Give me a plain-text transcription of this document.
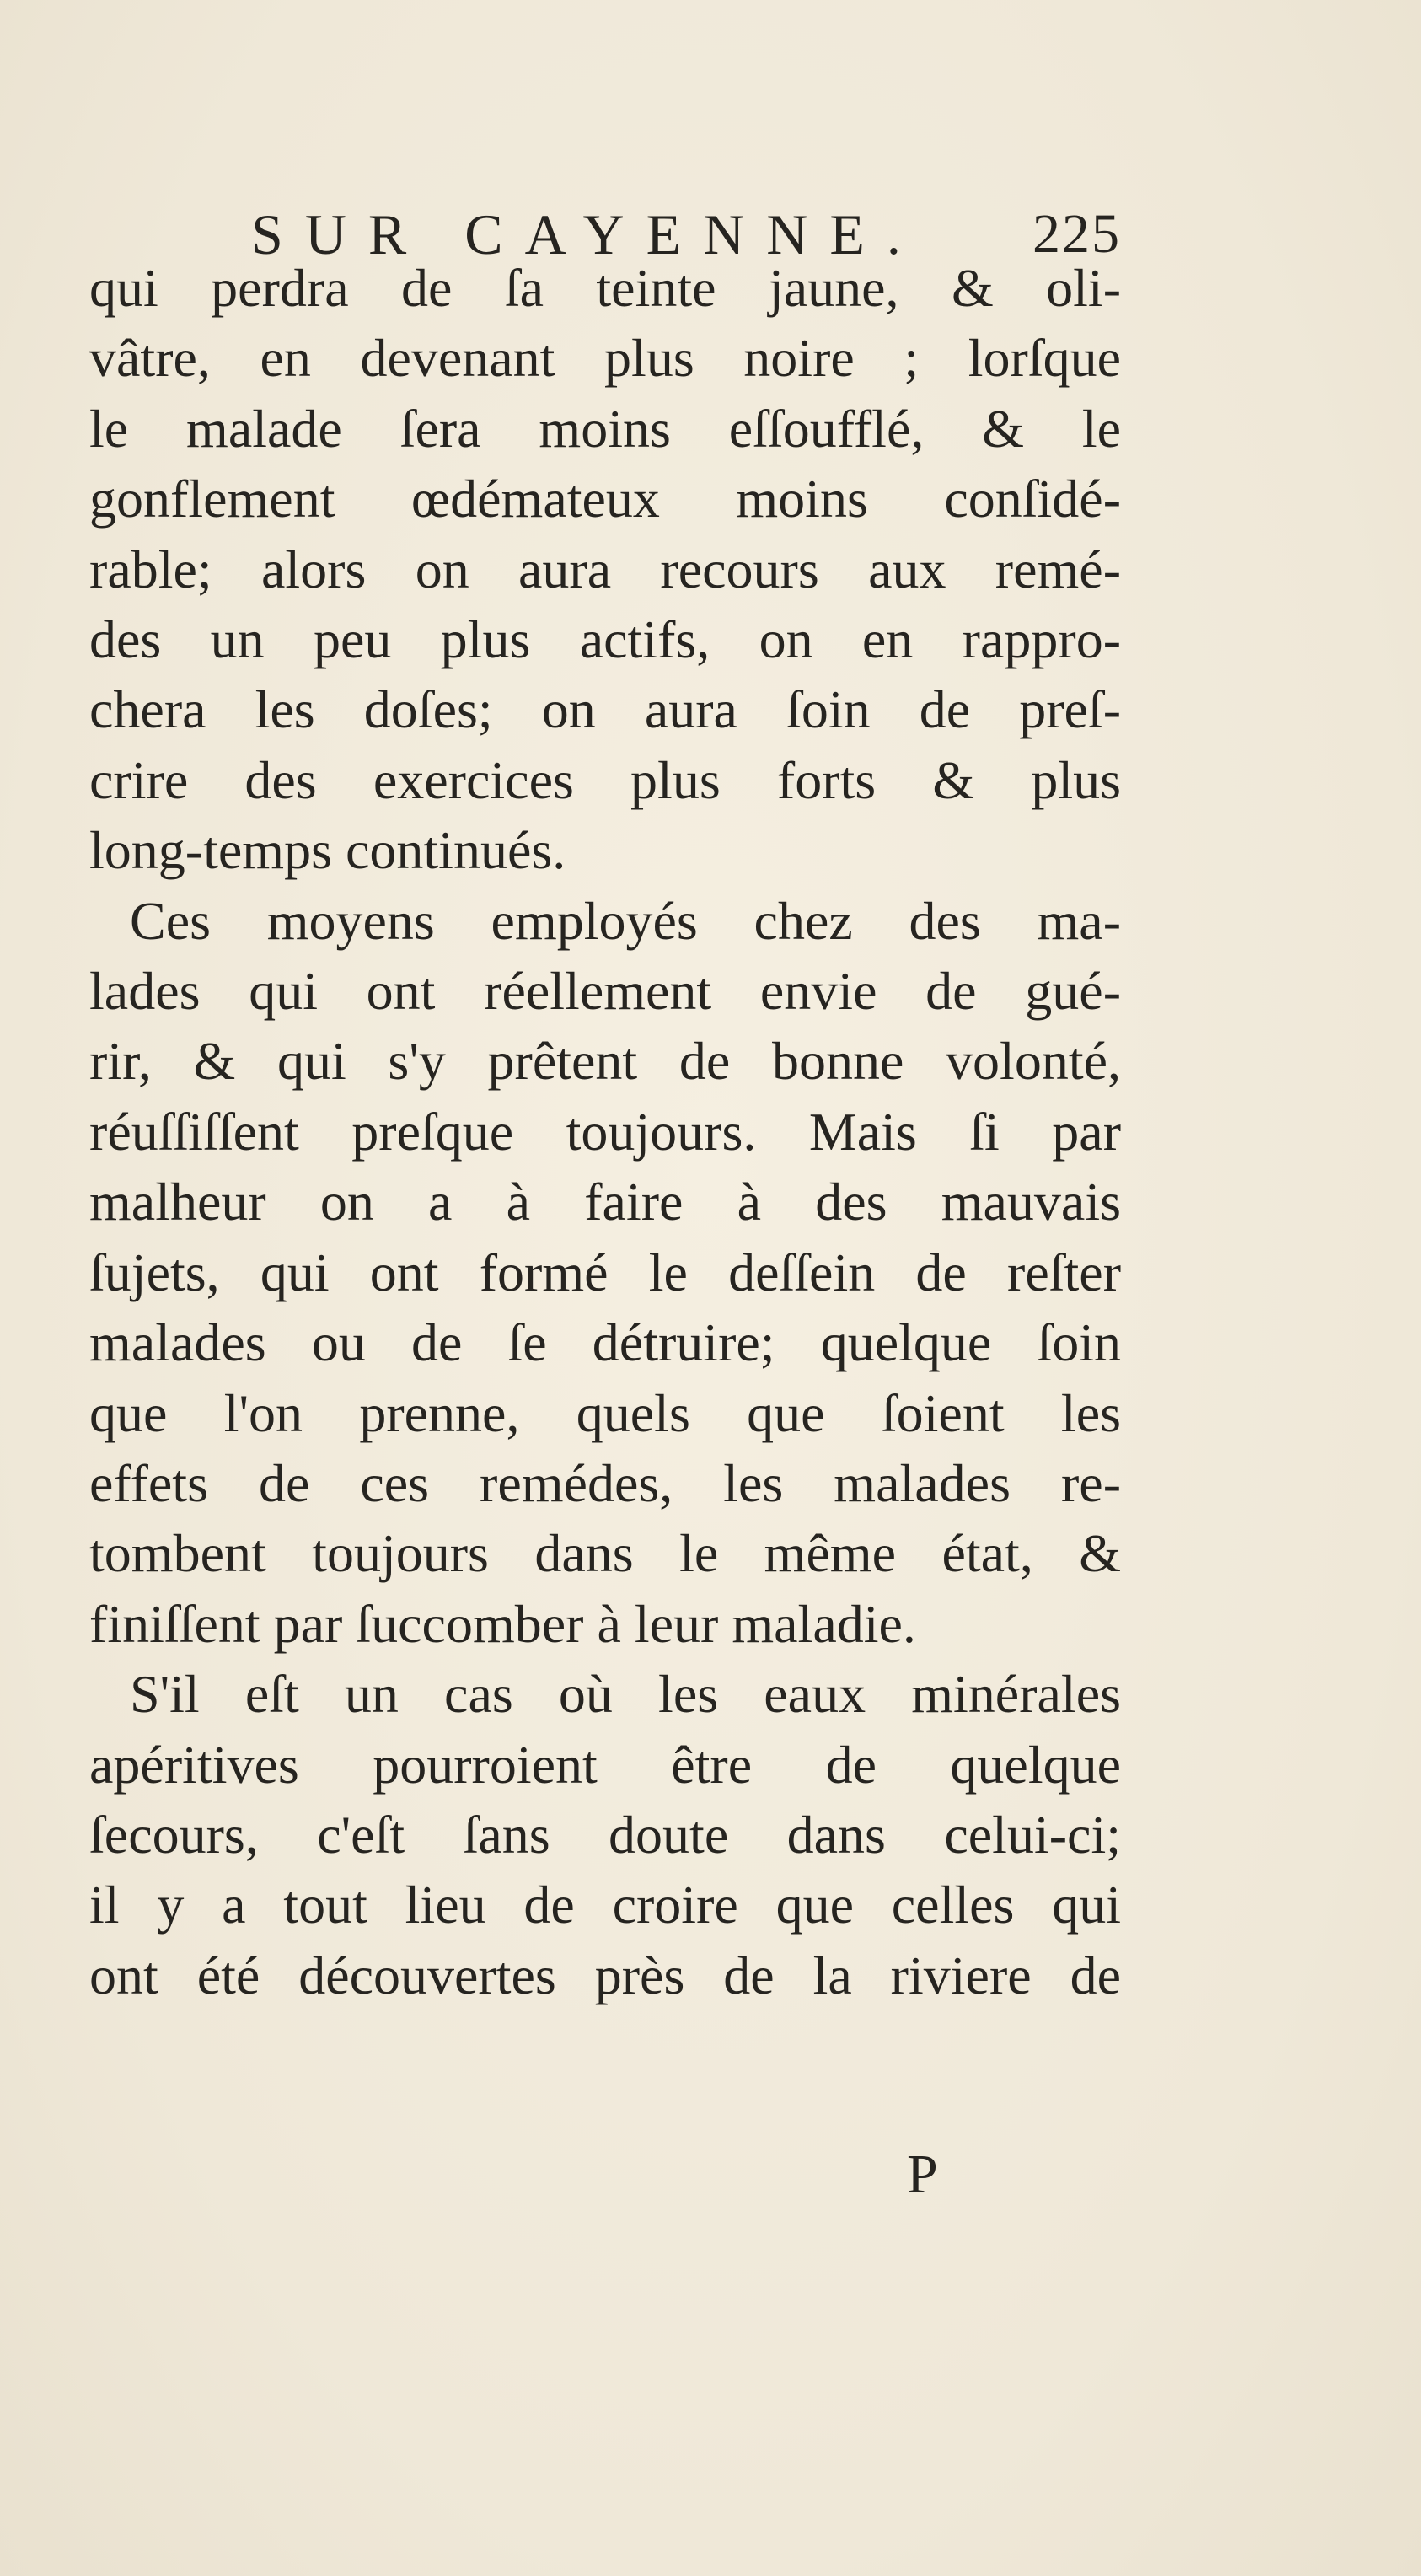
SUR CAYENNE. 225

qui perdra de ſa teinte jaune, & oli-
vâtre, en devenant plus noire ; lorſque
le malade ſera moins eſſoufflé, & le
gonflement œdémateux moins conſidé-
rable; alors on aura recours aux remé-
des un peu plus actifs, on en rappro-
chera les doſes; on aura ſoin de preſ-
crire des exercices plus forts & plus
long-temps continués.

Ces moyens employés chez des ma-
lades qui ont réellement envie de gué-
rir, & qui s'y prêtent de bonne volonté,
réuſſiſſent preſque toujours. Mais ſi par
malheur on a à faire à des mauvais
ſujets, qui ont formé le deſſein de reſter
malades ou de ſe détruire; quelque ſoin
que l'on prenne, quels que ſoient les
effets de ces remédes, les malades re-
tombent toujours dans le même état, &
finiſſent par ſuccomber à leur maladie.

S'il eſt un cas où les eaux minérales
apéritives pourroient être de quelque
ſecours, c'eſt ſans doute dans celui-ci;
il y a tout lieu de croire que celles qui
ont été découvertes près de la riviere de

P
